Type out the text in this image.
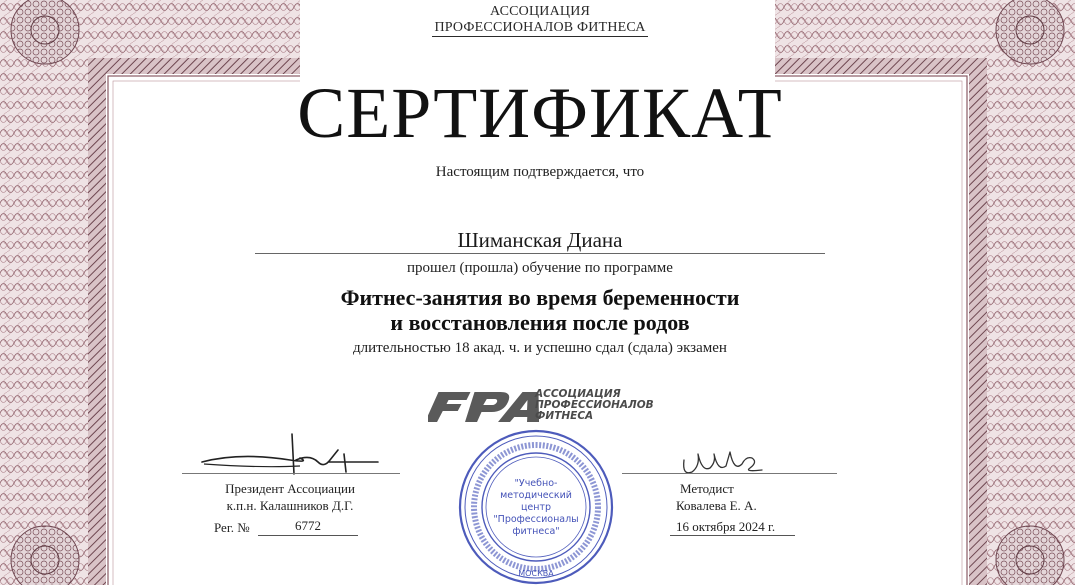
АССОЦИАЦИЯ
ПРОФЕССИОНАЛОВ ФИТНЕСА
СЕРТИФИКАТ
Настоящим подтверждается, что
Шиманская Диана
прошел (прошла) обучение по программе
Фитнес-занятия во время беременности
и восстановления после родов
длительностью 18 акад. ч. и успешно сдал (сдала) экзамен
АССОЦИАЦИЯ
ПРОФЕССИОНАЛОВ
ФИТНЕСА
Президент Ассоциации
к.п.н. Калашников Д.Г.
Рег. №	6772
Методист
Ковалева Е. А.
16 октября 2024 г.
"Учебно-
методический
центр
"Профессионалы
фитнеса"
МОСКВА
